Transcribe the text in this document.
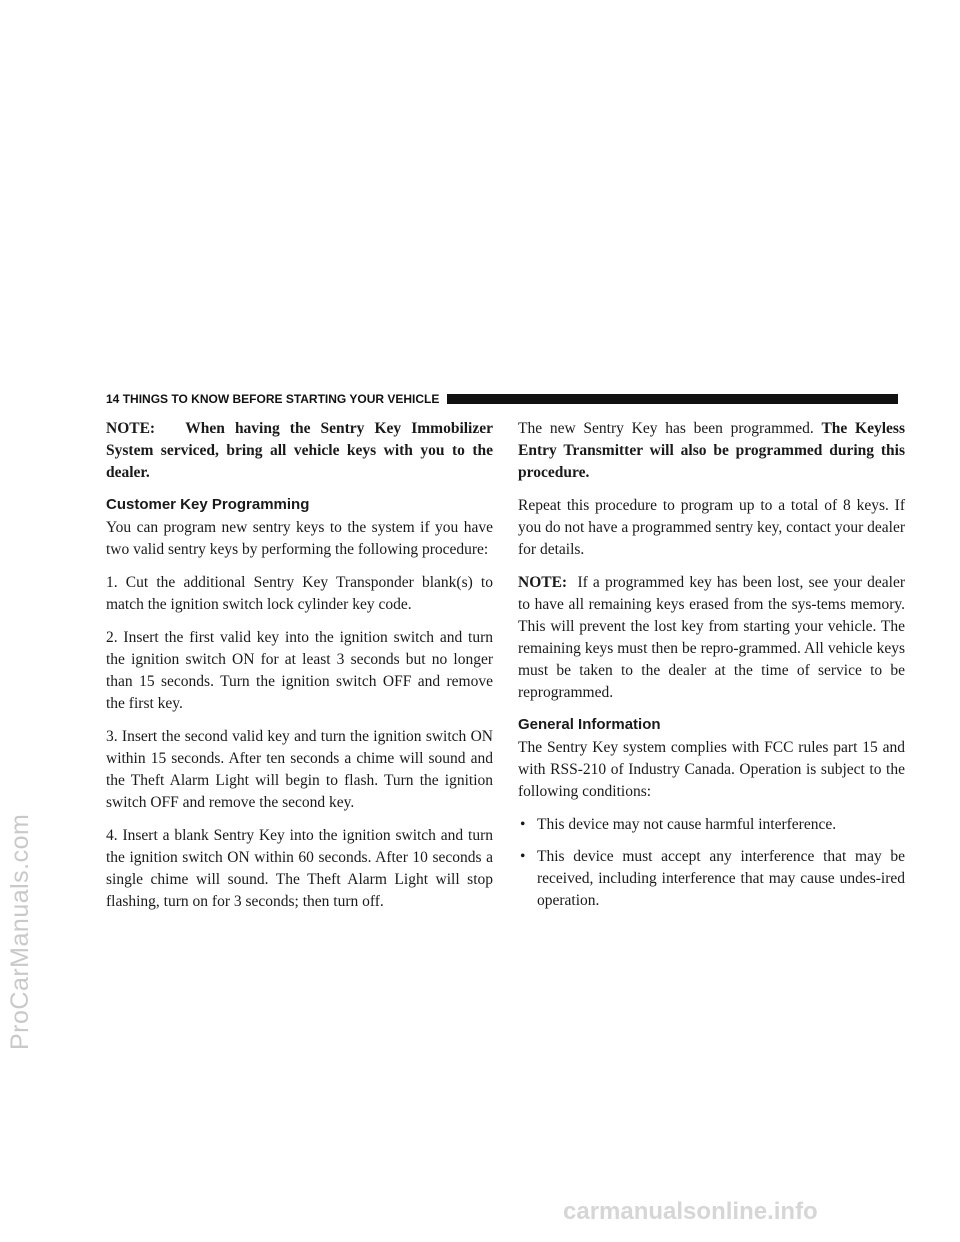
ProCarManuals.com
14 THINGS TO KNOW BEFORE STARTING YOUR VEHICLE

NOTE: When having the Sentry Key Immobilizer System serviced, bring all vehicle keys with you to the dealer.

Customer Key Programming

You can program new sentry keys to the system if you have two valid sentry keys by performing the following procedure:

1. Cut the additional Sentry Key Transponder blank(s) to match the ignition switch lock cylinder key code.

2. Insert the first valid key into the ignition switch and turn the ignition switch ON for at least 3 seconds but no longer than 15 seconds. Turn the ignition switch OFF and remove the first key.

3. Insert the second valid key and turn the ignition switch ON within 15 seconds. After ten seconds a chime will sound and the Theft Alarm Light will begin to flash. Turn the ignition switch OFF and remove the second key.

4. Insert a blank Sentry Key into the ignition switch and turn the ignition switch ON within 60 seconds. After 10 seconds a single chime will sound. The Theft Alarm Light will stop flashing, turn on for 3 seconds; then turn off.

The new Sentry Key has been programmed. The Keyless Entry Transmitter will also be programmed during this procedure.

Repeat this procedure to program up to a total of 8 keys. If you do not have a programmed sentry key, contact your dealer for details.

NOTE: If a programmed key has been lost, see your dealer to have all remaining keys erased from the sys-tems memory. This will prevent the lost key from starting your vehicle. The remaining keys must then be repro-grammed. All vehicle keys must be taken to the dealer at the time of service to be reprogrammed.

General Information

The Sentry Key system complies with FCC rules part 15 and with RSS-210 of Industry Canada. Operation is subject to the following conditions:

• This device may not cause harmful interference.
• This device must accept any interference that may be received, including interference that may cause undes-ired operation.
carmanualsonline.info
